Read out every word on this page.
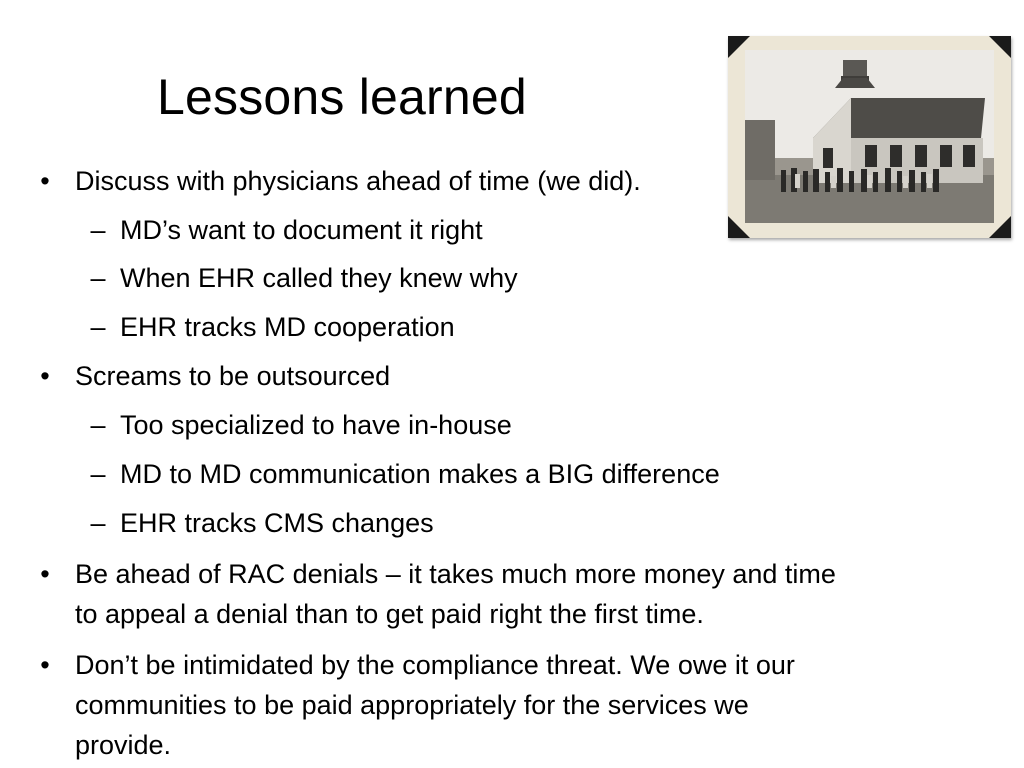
Lessons learned
• Discuss with physicians ahead of time (we did).
– MD’s want to document it right
– When EHR called they knew why
– EHR tracks MD cooperation
• Screams to be outsourced
– Too specialized to have in-house
– MD to MD communication makes a BIG difference
– EHR tracks CMS changes
• Be ahead of RAC denials – it takes much more money and time
to appeal a denial than to get paid right the first time.
• Don’t be intimidated by the compliance threat. We owe it our
communities to be paid appropriately for the services we
provide.
